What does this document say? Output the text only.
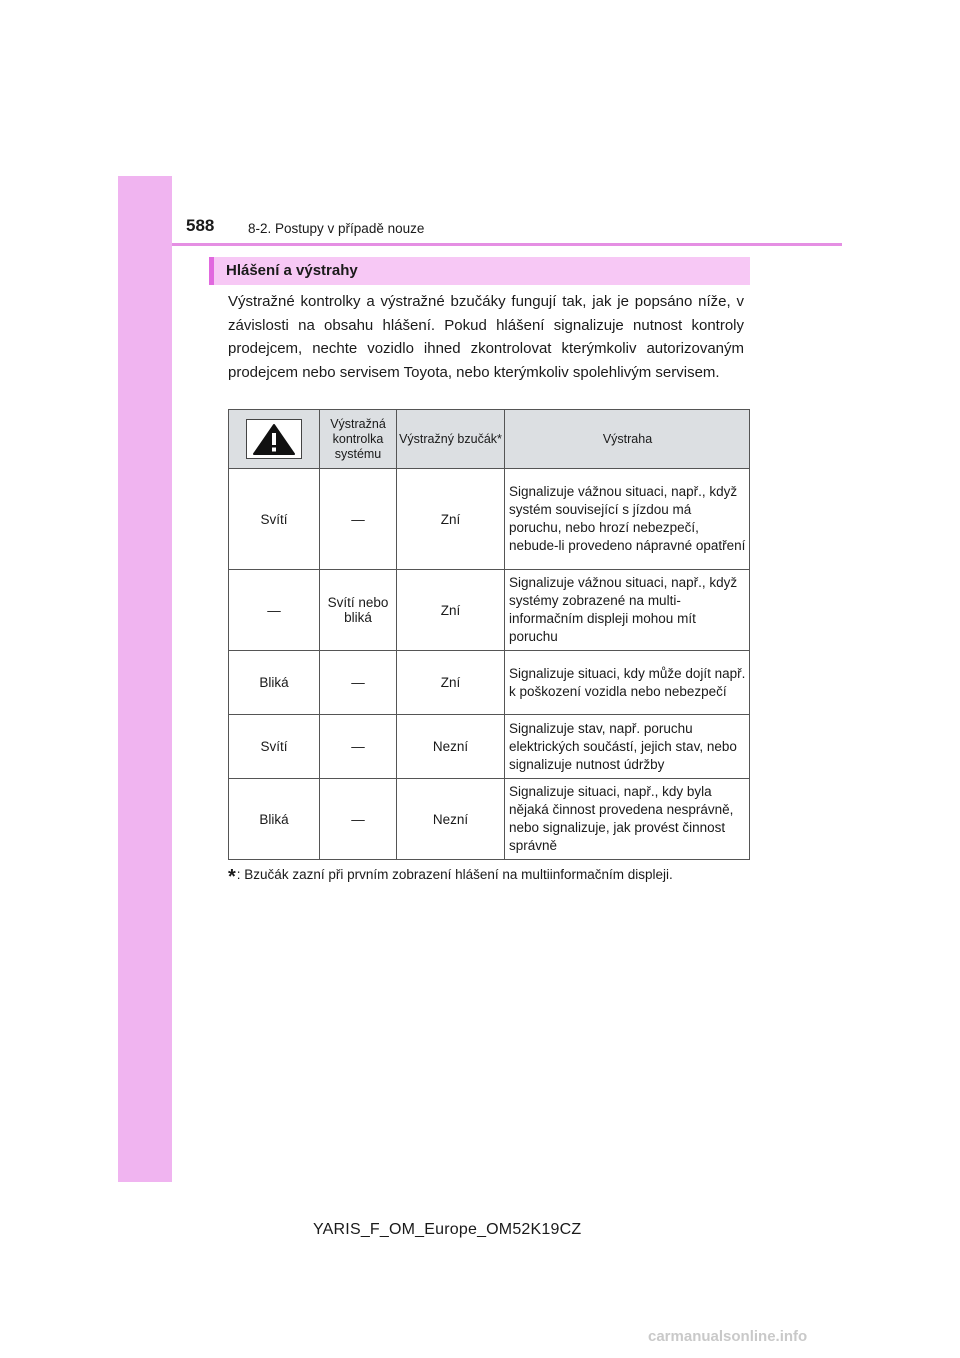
588 8-2. Postupy v případě nouze
Hlášení a výstrahy

Výstražné kontrolky a výstražné bzučáky fungují tak, jak je popsáno níže, v závislosti na obsahu hlášení. Pokud hlášení signalizuje nutnost kontroly prodejcem, nechte vozidlo ihned zkontrolovat kterýmkoliv autorizovaným prodejcem nebo servisem Toyota, nebo kterýmkoliv spolehlivým servisem.

	Výstražná kontrolka systému	Výstražný bzučák*	Výstraha
Svítí	—	Zní	Signalizuje vážnou situaci, např., když systém související s jízdou má poruchu, nebo hrozí nebezpečí, nebude-li provedeno nápravné opatření
—	Svítí nebo bliká	Zní	Signalizuje vážnou situaci, např., když systémy zobrazené na multi-informačním displeji mohou mít poruchu
Bliká	—	Zní	Signalizuje situaci, kdy může dojít např. k poškození vozidla nebo nebezpečí
Svítí	—	Nezní	Signalizuje stav, např. poruchu elektrických součástí, jejich stav, nebo signalizuje nutnost údržby
Bliká	—	Nezní	Signalizuje situaci, např., kdy byla nějaká činnost provedena nesprávně, nebo signalizuje, jak provést činnost správně
*: Bzučák zazní při prvním zobrazení hlášení na multiinformačním displeji.
YARIS_F_OM_Europe_OM52K19CZ
carmanualsonline.info
